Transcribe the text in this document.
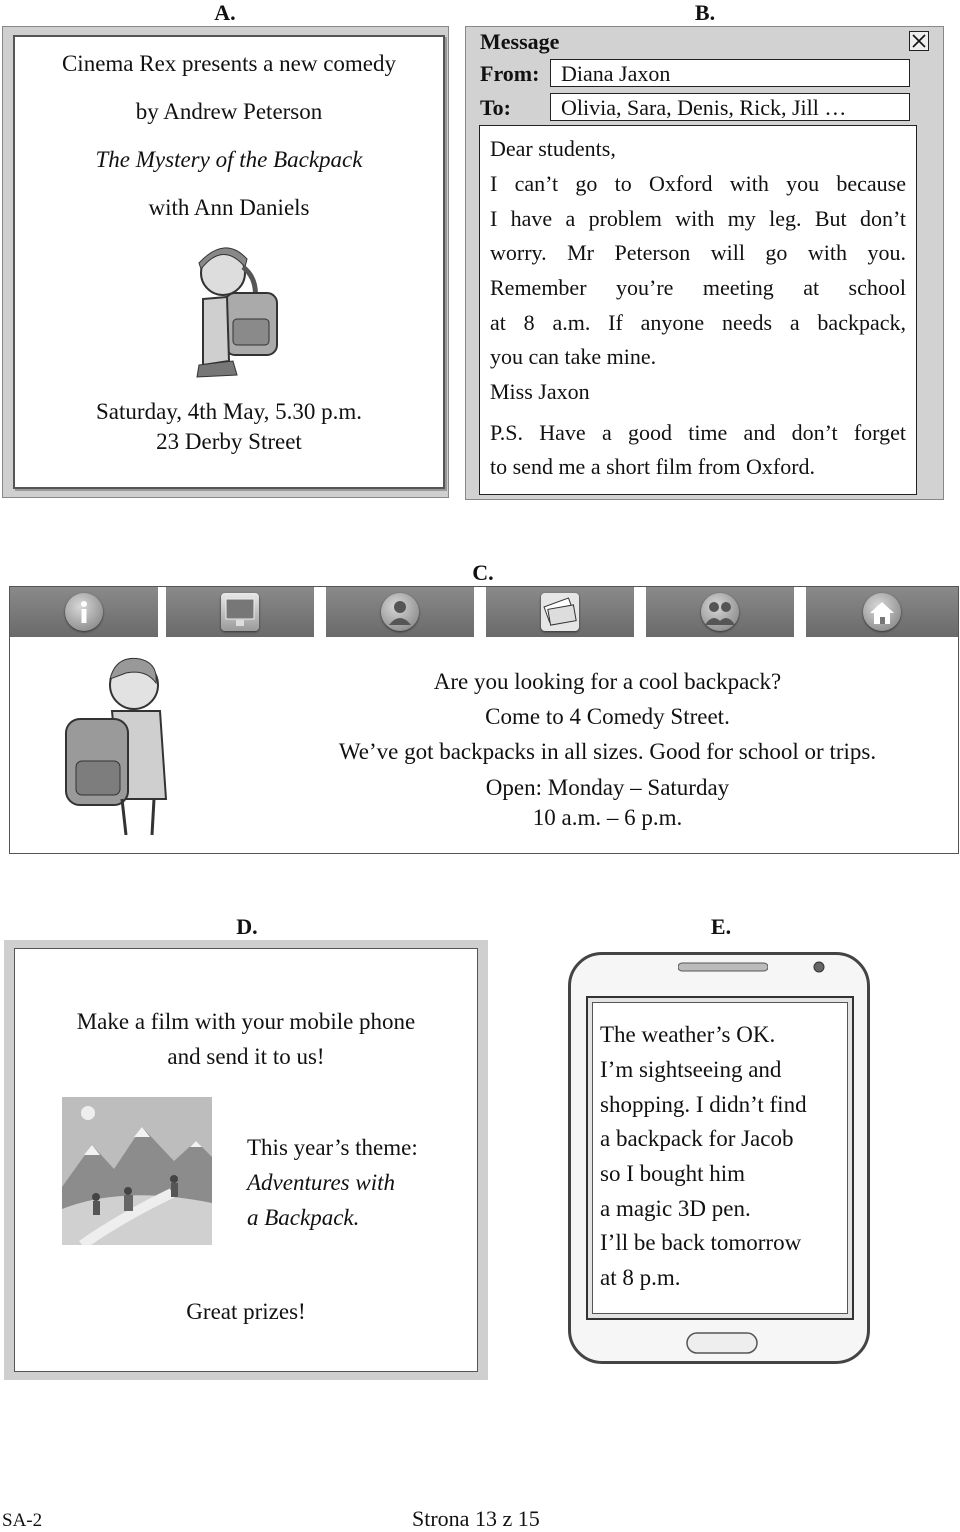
A.	B.
C.
D.	E.
Cinema Rex presents a new comedy
by Andrew Peterson
The Mystery of the Backpack
with Ann Daniels
Saturday, 4th May, 5.30 p.m.
23 Derby Street
Message
From: Diana Jaxon
To:	Olivia, Sara, Denis, Rick, Jill …
Dear students,
I can’t go to Oxford with you because
I have a problem with my leg. But don’t
worry. Mr Peterson will go with you.
Remember you’re meeting at school
at 8 a.m. If anyone needs a backpack,
you can take mine.
Miss Jaxon
P.S. Have a good time and don’t forget
to send me a short film from Oxford.
Are you looking for a cool backpack?
Come to 4 Comedy Street.
We’ve got backpacks in all sizes. Good for school or trips.
Open: Monday – Saturday
10 a.m. – 6 p.m.
Make a film with your mobile phone
and send it to us!
This year’s theme:
Adventures with
a Backpack.
Great prizes!
The weather’s OK.
I’m sightseeing and
shopping. I didn’t find
a backpack for Jacob
so I bought him
a magic 3D pen.
I’ll be back tomorrow
at 8 p.m.
SA-2	Strona 13 z 15
